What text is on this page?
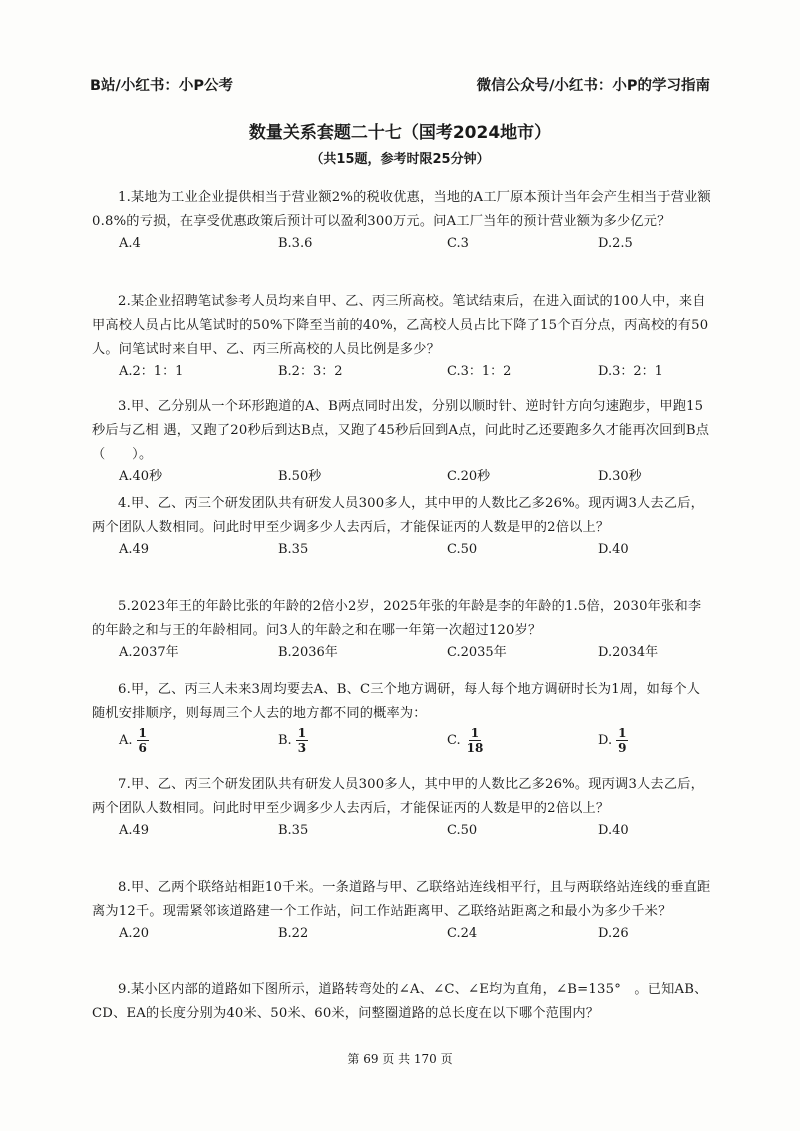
B站/小红书：小P公考	微信公众号/小红书：小P的学习指南
数量关系套题二十七（国考2024地市）
（共15题，参考时限25分钟）

1.某地为工业企业提供相当于营业额2%的税收优惠，当地的A工厂原本预计当年会产生相当于营业额0.8%的亏损，在享受优惠政策后预计可以盈利300万元。问A工厂当年的预计营业额为多少亿元？

A.4	B.3.6	C.3	D.2.5

2.某企业招聘笔试参考人员均来自甲、乙、丙三所高校。笔试结束后，在进入面试的100人中，来自甲高校人员占比从笔试时的50%下降至当前的40%，乙高校人员占比下降了15个百分点，丙高校的有50人。问笔试时来自甲、乙、丙三所高校的人员比例是多少？

A.2：1：1	B.2：3：2	C.3：1：2	D.3：2：1

3.甲、乙分别从一个环形跑道的A、B两点同时出发，分别以顺时针、逆时针方向匀速跑步，甲跑15秒后与乙相 遇，又跑了20秒后到达B点，又跑了45秒后回到A点，问此时乙还要跑多久才能再次回到B点（　　）。

A.40秒	B.50秒	C.20秒	D.30秒

4.甲、乙、丙三个研发团队共有研发人员300多人，其中甲的人数比乙多26%。现丙调3人去乙后，两个团队人数相同。问此时甲至少调多少人去丙后，才能保证丙的人数是甲的2倍以上？

A.49	B.35	C.50	D.40

5.2023年王的年龄比张的年龄的2倍小2岁，2025年张的年龄是李的年龄的1.5倍，2030年张和李的年龄之和与王的年龄相同。问3人的年龄之和在哪一年第一次超过120岁？

A.2037年	B.2036年	C.2035年	D.2034年

6.甲，乙、丙三人未来3周均要去A、B、C三个地方调研，每人每个地方调研时长为1周，如每个人随机安排顺序，则每周三个人去的地方都不同的概率为：

A. $\frac{1}{6}$	B. $\frac{1}{3}$	C. $\frac{1}{18}$	D. $\frac{1}{9}$

7.甲、乙、丙三个研发团队共有研发人员300多人，其中甲的人数比乙多26%。现丙调3人去乙后，两个团队人数相同。问此时甲至少调多少人去丙后，才能保证丙的人数是甲的2倍以上？

A.49	B.35	C.50	D.40

8.甲、乙两个联络站相距10千米。一条道路与甲、乙联络站连线相平行，且与两联络站连线的垂直距离为12千。现需紧邻该道路建一个工作站，问工作站距离甲、乙联络站距离之和最小为多少千米？

A.20	B.22	C.24	D.26

9.某小区内部的道路如下图所示，道路转弯处的∠A、∠C、∠E均为直角，∠B=135°　。已知AB、CD、EA的长度分别为40米、50米、60米，问整圈道路的总长度在以下哪个范围内？

第 69 页 共 170 页
